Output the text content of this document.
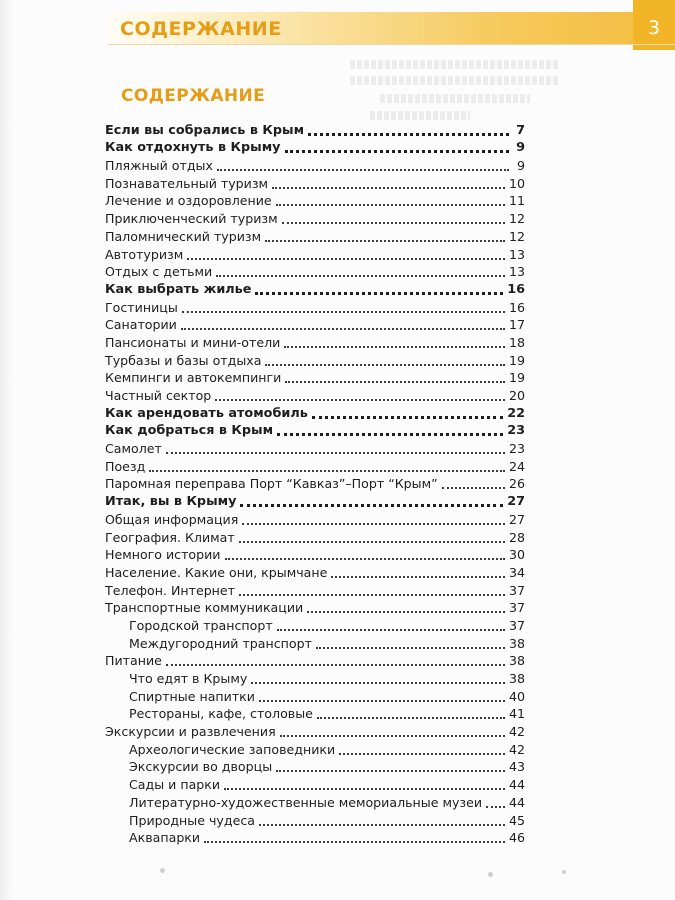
СОДЕРЖАНИЕ	3
СОДЕРЖАНИЕ
Если вы собрались в Крым	7
Как отдохнуть в Крыму	9
Пляжный отдых	9
Познавательный туризм	10
Лечение и оздоровление	11
Приключенческий туризм	12
Паломнический туризм	12
Автотуризм	13
Отдых с детьми	13
Как выбрать жилье	16
Гостиницы	16
Санатории	17
Пансионаты и мини-отели	18
Турбазы и базы отдыха	19
Кемпинги и автокемпинги	19
Частный сектор	20
Как арендовать атомобиль	22
Как добраться в Крым	23
Самолет	23
Поезд	24
Паромная переправа Порт “Кавказ”–Порт “Крым”	26
Итак, вы в Крыму	27
Общая информация	27
География. Климат	28
Немного истории	30
Население. Какие они, крымчане	34
Телефон. Интернет	37
Транспортные коммуникации	37
Городской транспорт	37
Междугородний транспорт	38
Питание	38
Что едят в Крыму	38
Спиртные напитки	40
Рестораны, кафе, столовые	41
Экскурсии и развлечения	42
Археологические заповедники	42
Экскурсии во дворцы	43
Сады и парки	44
Литературно-художественные мемориальные музеи 44
Природные чудеса	45
Аквапарки	46
